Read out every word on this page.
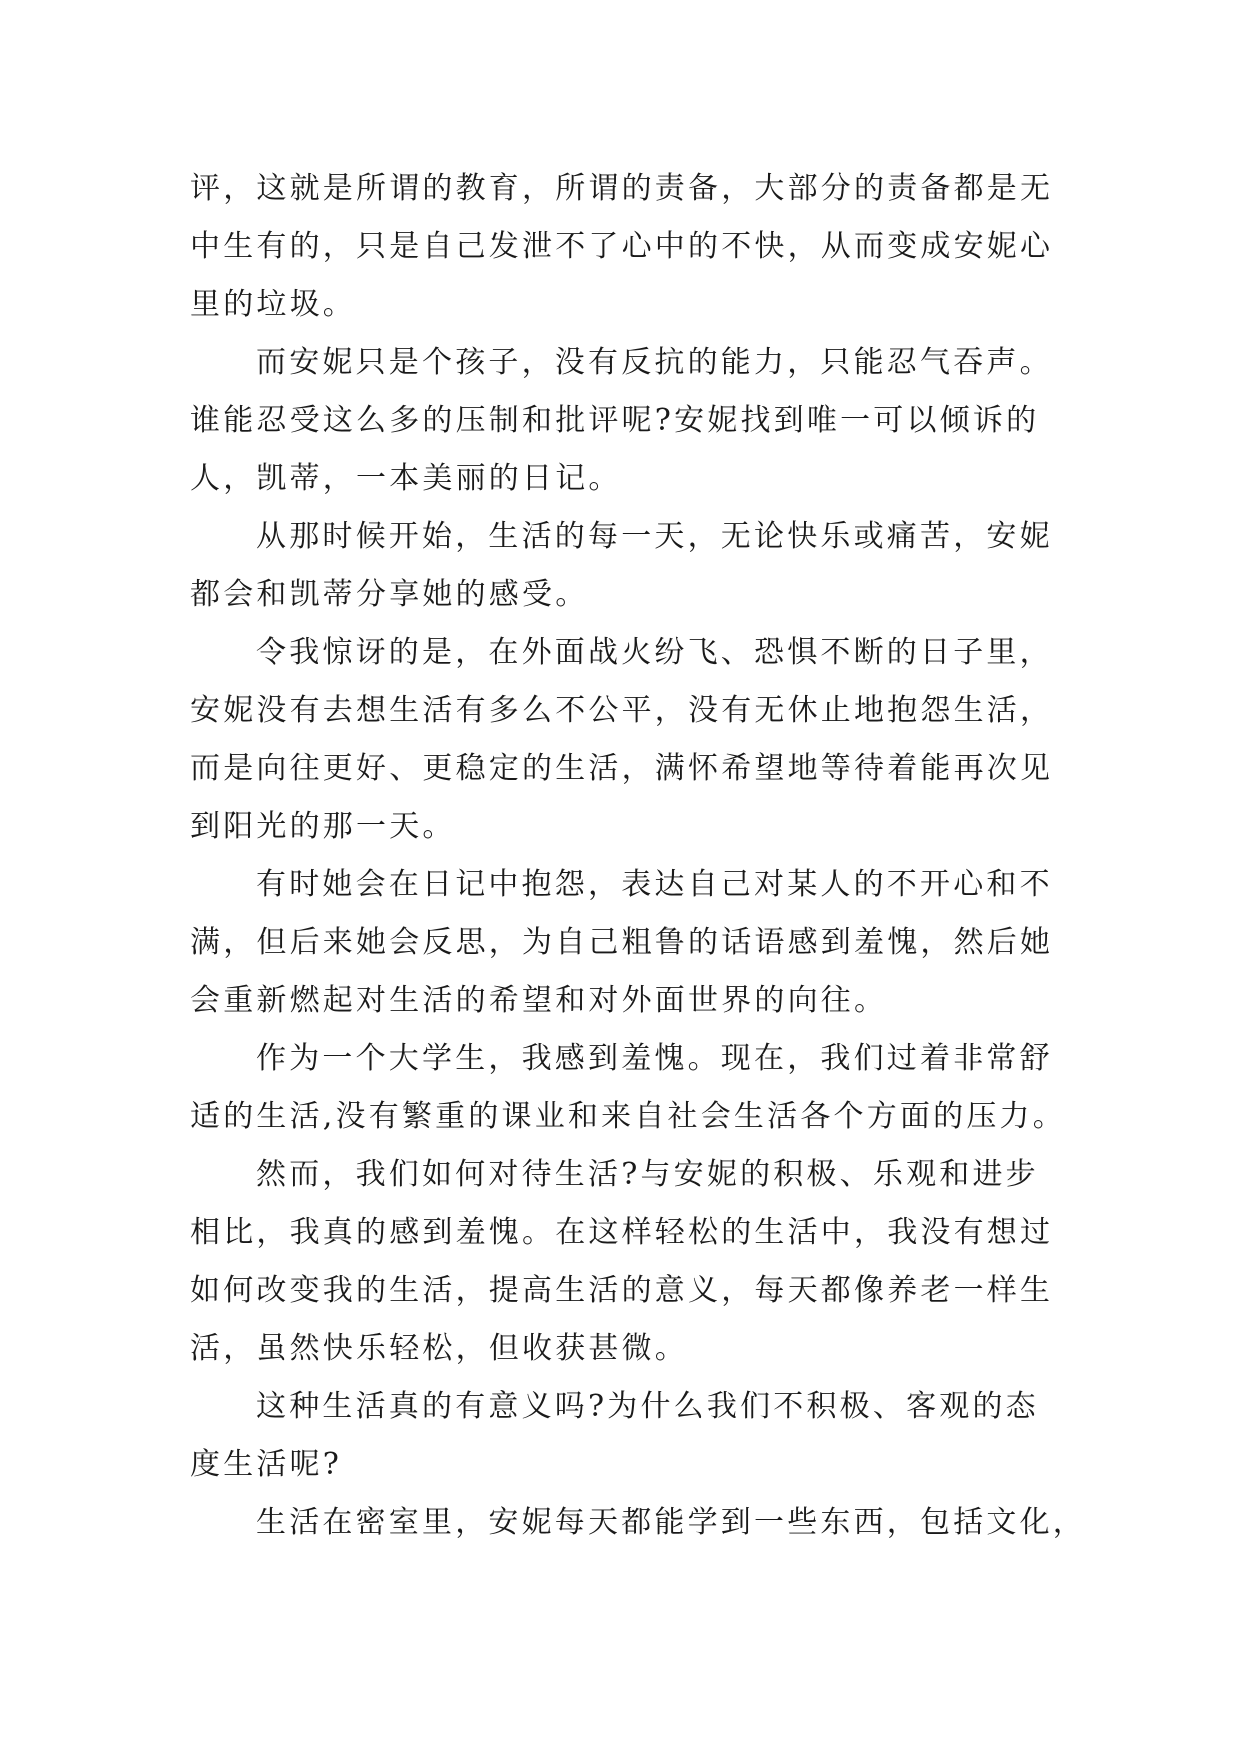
评，这就是所谓的教育，所谓的责备，大部分的责备都是无
中生有的，只是自己发泄不了心中的不快，从而变成安妮心
里的垃圾。
而安妮只是个孩子，没有反抗的能力，只能忍气吞声。
谁能忍受这么多的压制和批评呢?安妮找到唯一可以倾诉的
人，凯蒂，一本美丽的日记。
从那时候开始，生活的每一天，无论快乐或痛苦，安妮
都会和凯蒂分享她的感受。
令我惊讶的是，在外面战火纷飞、恐惧不断的日子里，
安妮没有去想生活有多么不公平，没有无休止地抱怨生活，
而是向往更好、更稳定的生活，满怀希望地等待着能再次见
到阳光的那一天。
有时她会在日记中抱怨，表达自己对某人的不开心和不
满，但后来她会反思，为自己粗鲁的话语感到羞愧，然后她
会重新燃起对生活的希望和对外面世界的向往。
作为一个大学生，我感到羞愧。现在，我们过着非常舒
适的生活,没有繁重的课业和来自社会生活各个方面的压力。
然而，我们如何对待生活?与安妮的积极、乐观和进步
相比，我真的感到羞愧。在这样轻松的生活中，我没有想过
如何改变我的生活，提高生活的意义，每天都像养老一样生
活，虽然快乐轻松，但收获甚微。
这种生活真的有意义吗?为什么我们不积极、客观的态
度生活呢?
生活在密室里，安妮每天都能学到一些东西，包括文化，
